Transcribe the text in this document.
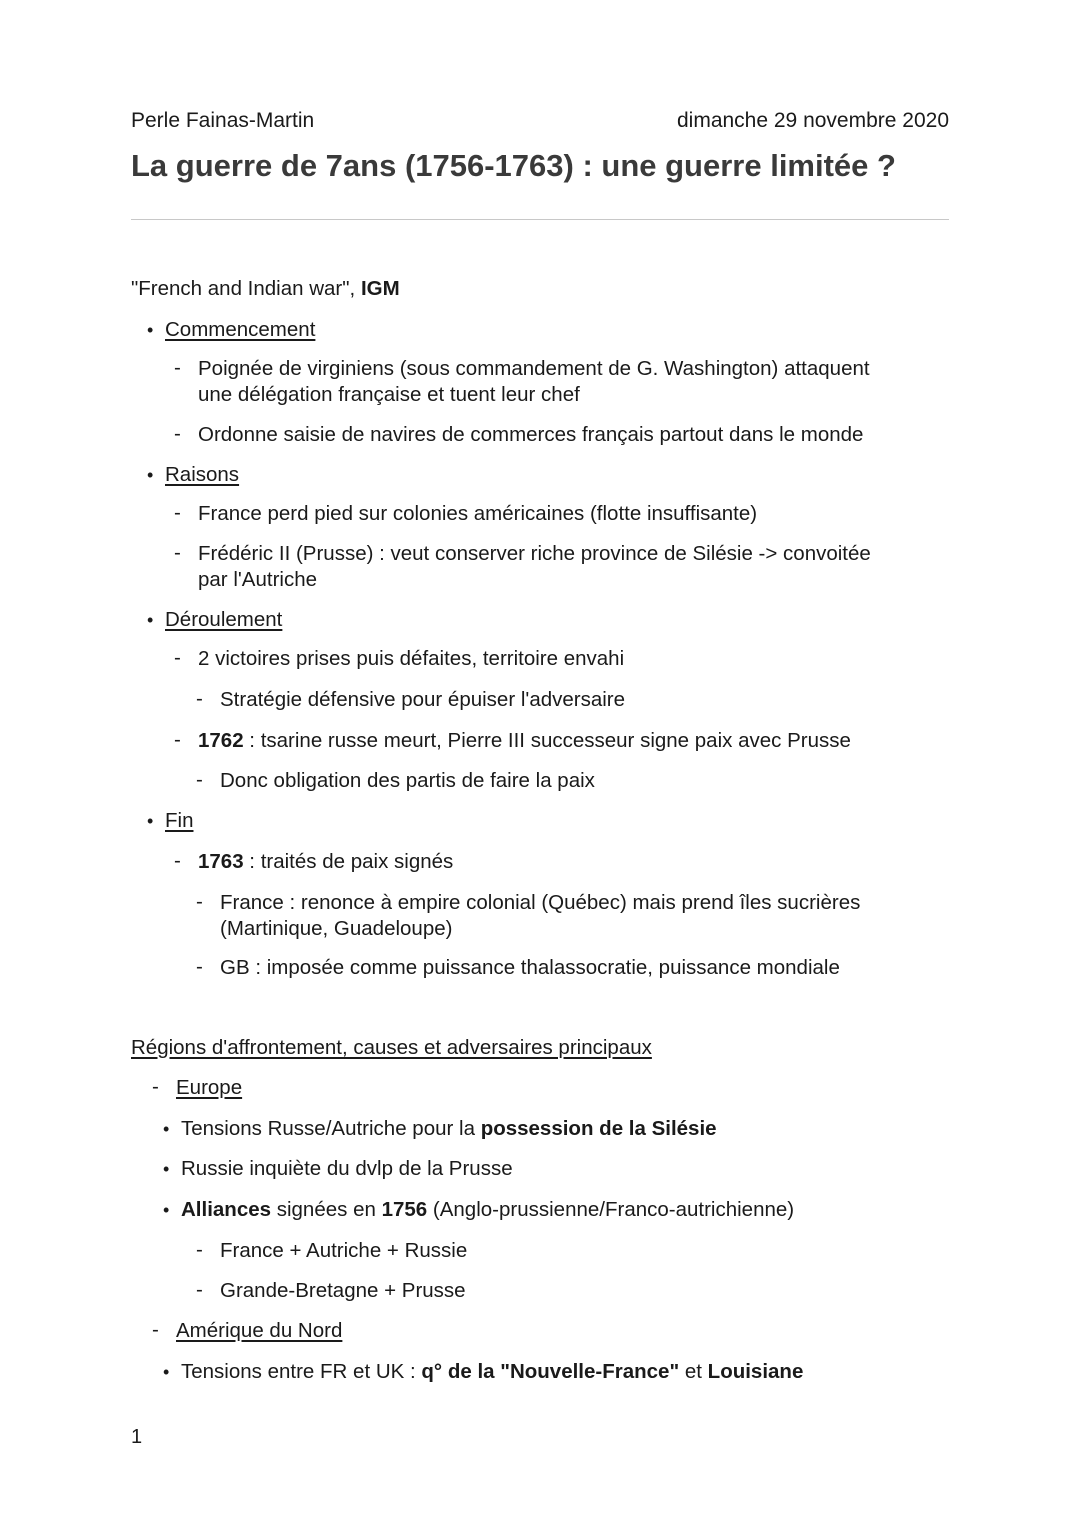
Perle Fainas-Martin	dimanche 29 novembre 2020
La guerre de 7ans (1756-1763) : une guerre limitée ?
"French and Indian war", IGM
• Commencement
- Poignée de virginiens (sous commandement de G. Washington) attaquent
une délégation française et tuent leur chef
- Ordonne saisie de navires de commerces français partout dans le monde
• Raisons
- France perd pied sur colonies américaines (flotte insuffisante)
- Frédéric II (Prusse) : veut conserver riche province de Silésie -> convoitée
par l'Autriche
• Déroulement
- 2 victoires prises puis défaites, territoire envahi
- Stratégie défensive pour épuiser l'adversaire
- 1762 : tsarine russe meurt, Pierre III successeur signe paix avec Prusse
- Donc obligation des partis de faire la paix
• Fin
- 1763 : traités de paix signés
- France : renonce à empire colonial (Québec) mais prend îles sucrières
(Martinique, Guadeloupe)
- GB : imposée comme puissance thalassocratie, puissance mondiale
Régions d'affrontement, causes et adversaires principaux
- Europe
• Tensions Russe/Autriche pour la possession de la Silésie
• Russie inquiète du dvlp de la Prusse
• Alliances signées en 1756 (Anglo-prussienne/Franco-autrichienne)
- France + Autriche + Russie
- Grande-Bretagne + Prusse
- Amérique du Nord
• Tensions entre FR et UK : q° de la "Nouvelle-France" et Louisiane
1
